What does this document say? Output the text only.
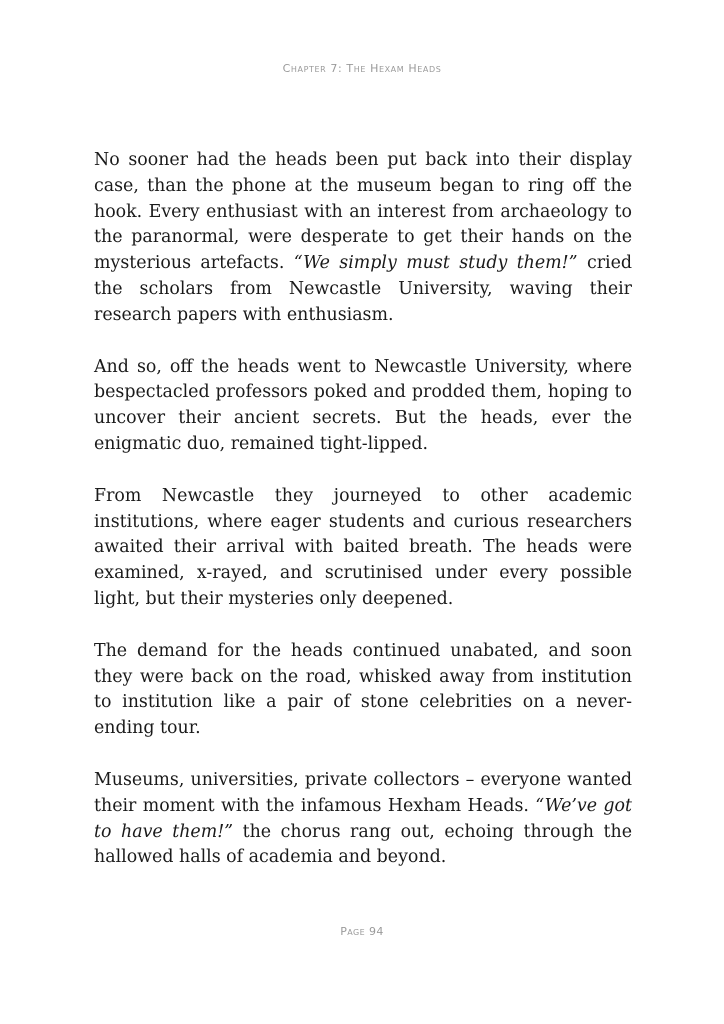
Chapter 7: The Hexam Heads

No sooner had the heads been put back into their display case, than the phone at the museum began to ring off the hook. Every enthusiast with an interest from archaeology to the paranormal, were desperate to get their hands on the mysterious artefacts. “We simply must study them!” cried the scholars from Newcastle University, waving their research papers with enthusiasm.

And so, off the heads went to Newcastle University, where bespectacled professors poked and prodded them, hoping to uncover their ancient secrets. But the heads, ever the enigmatic duo, remained tight-lipped.

From Newcastle they journeyed to other academic institutions, where eager students and curious researchers awaited their arrival with baited breath. The heads were examined, x-rayed, and scrutinised under every possible light, but their mysteries only deepened.

The demand for the heads continued unabated, and soon they were back on the road, whisked away from institution to institution like a pair of stone celebrities on a never-ending tour.

Museums, universities, private collectors – everyone wanted their moment with the infamous Hexham Heads. “We’ve got to have them!” the chorus rang out, echoing through the hallowed halls of academia and beyond.

Page 94
